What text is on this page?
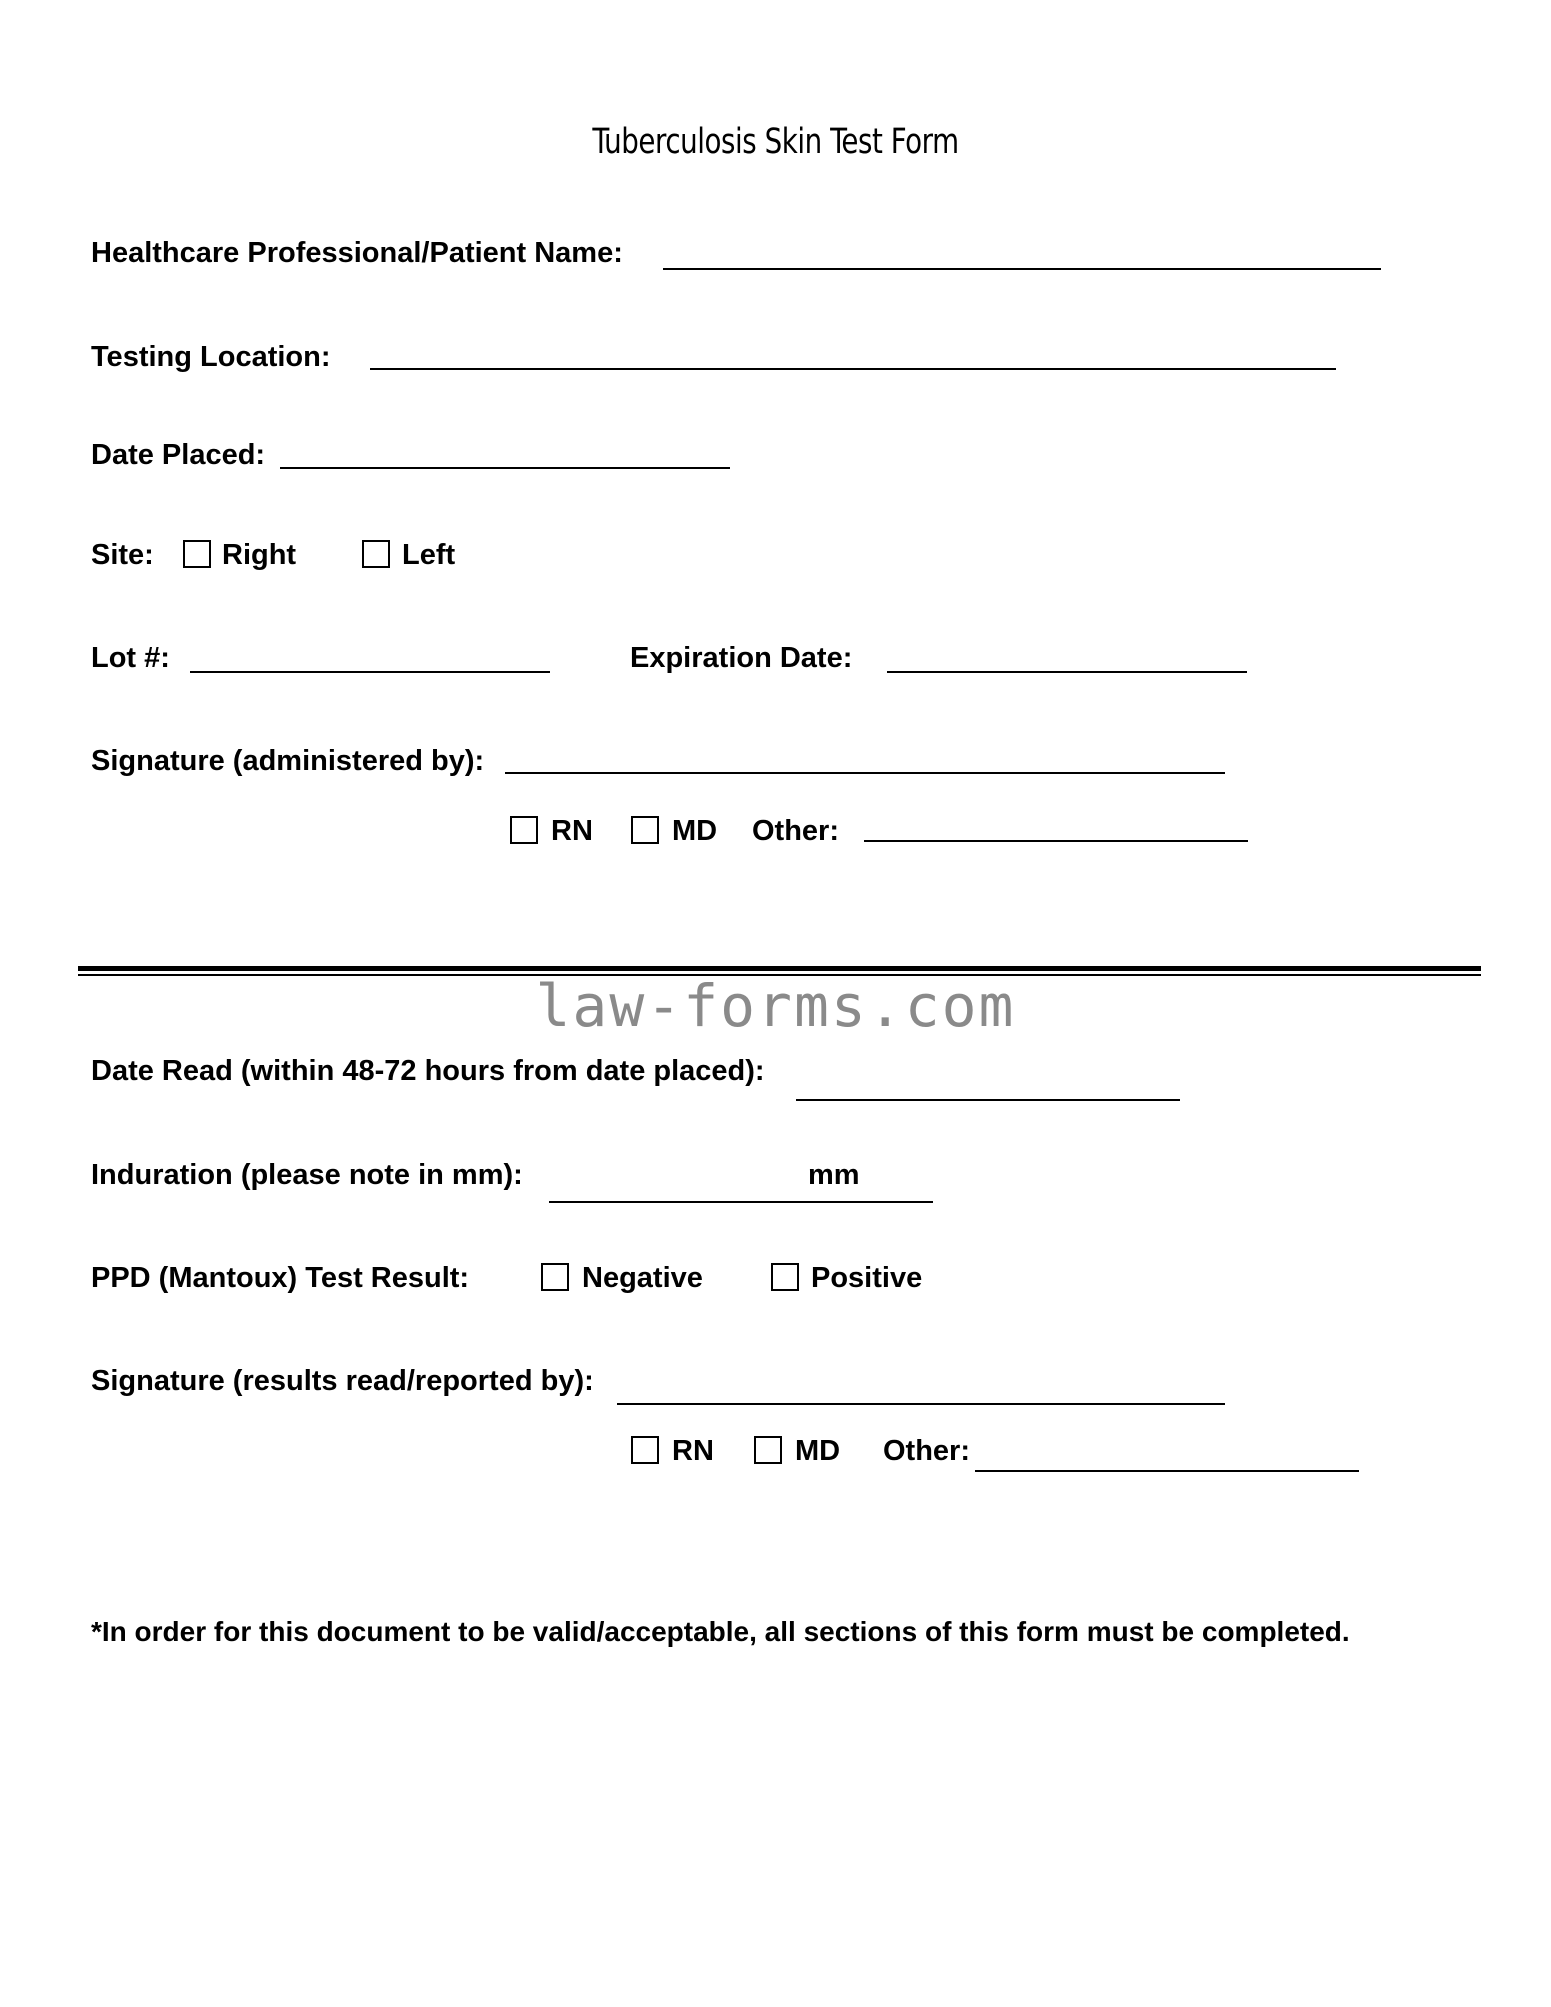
Tuberculosis Skin Test Form
Healthcare Professional/Patient Name:
Testing Location:
Date Placed:
Site: Right	Left
Lot #:	Expiration Date:
Signature (administered by):
RN	MD Other:
law-forms.com
Date Read (within 48-72 hours from date placed):
Induration (please note in mm):	mm
PPD (Mantoux) Test Result:	Negative	Positive
Signature (results read/reported by):
RN	MD Other:
*In order for this document to be valid/acceptable, all sections of this form must be completed.
